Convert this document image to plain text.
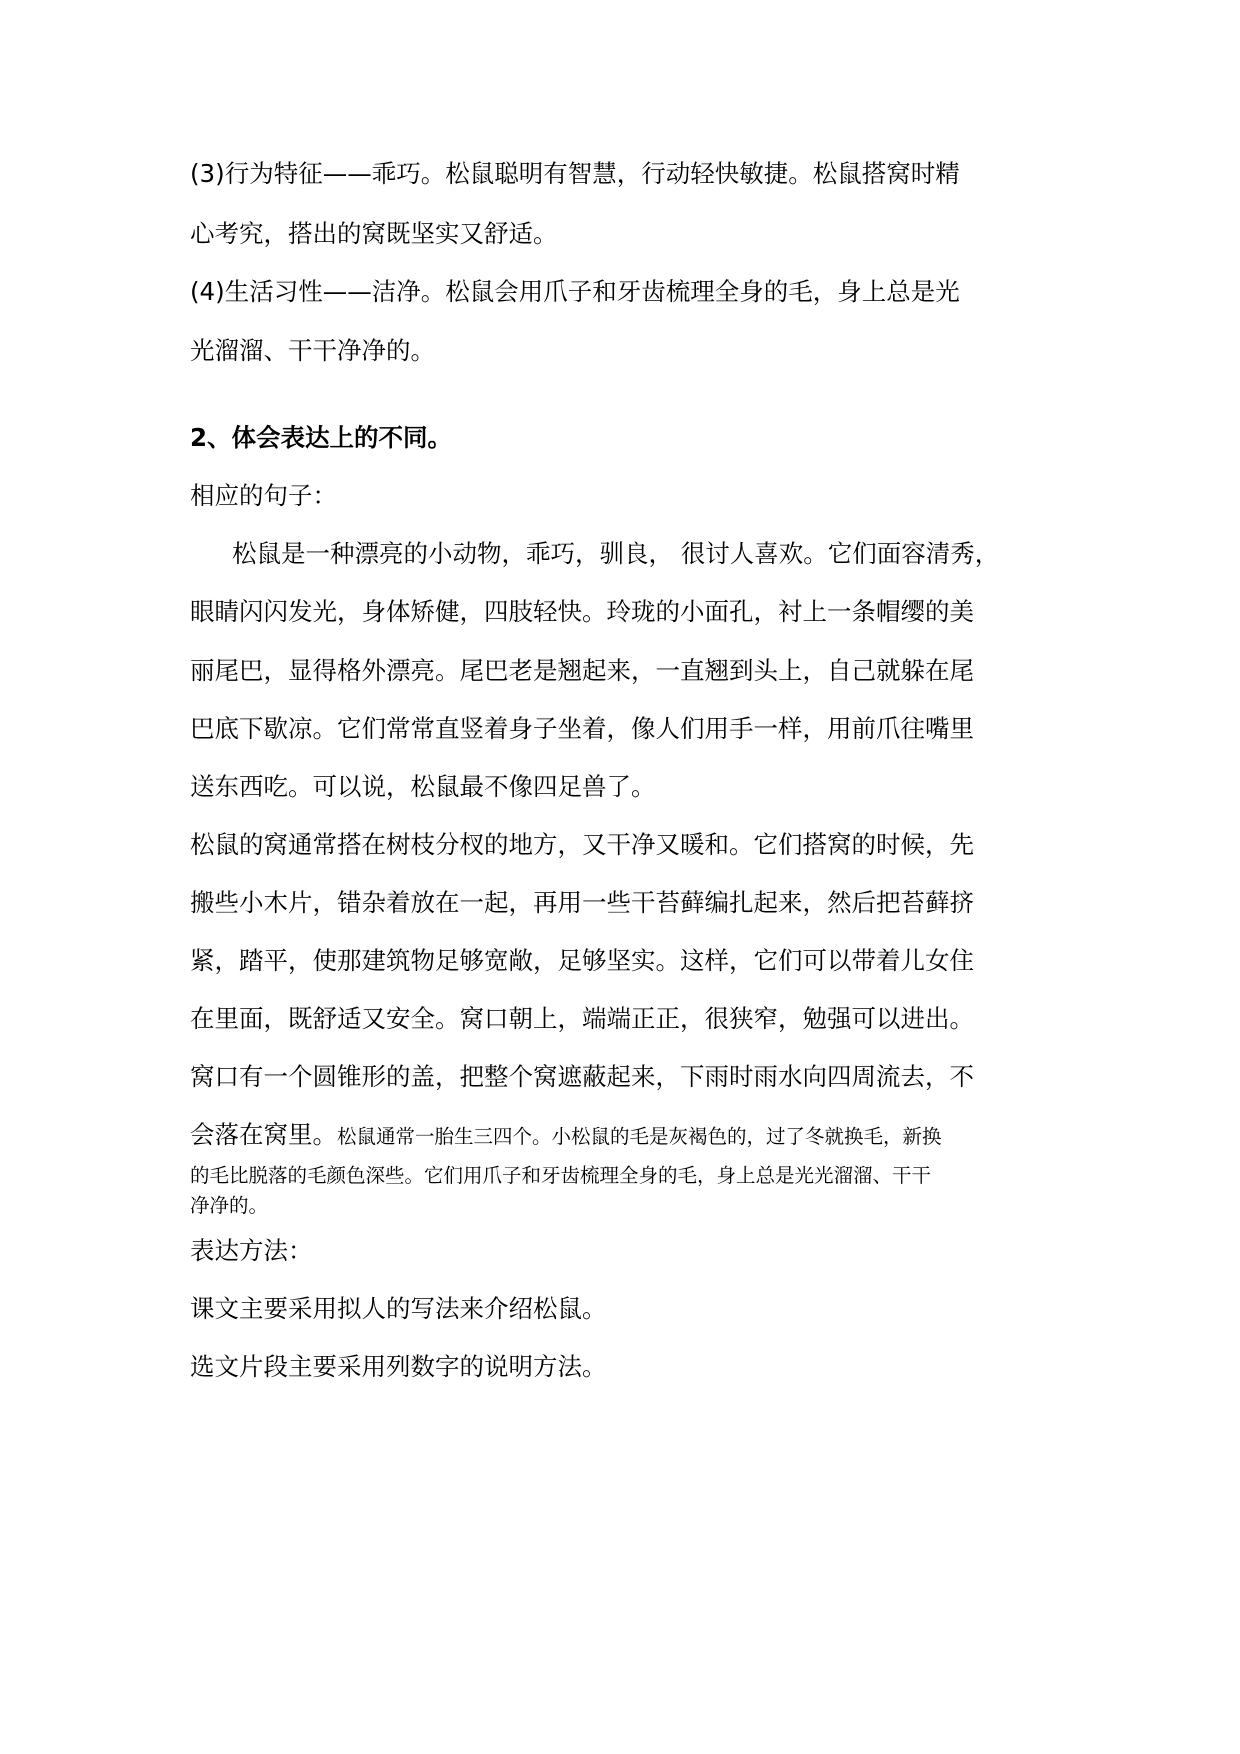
(3)行为特征——乖巧。松鼠聪明有智慧，行动轻快敏捷。松鼠搭窝时精

心考究，搭出的窝既坚实又舒适。

(4)生活习性——洁净。松鼠会用爪子和牙齿梳理全身的毛，身上总是光

光溜溜、干干净净的。

2、体会表达上的不同。

相应的句子：

松鼠是一种漂亮的小动物，乖巧，驯良， 很讨人喜欢。它们面容清秀，

眼睛闪闪发光，身体矫健，四肢轻快。玲珑的小面孔，衬上一条帽缨的美

丽尾巴，显得格外漂亮。尾巴老是翘起来，一直翘到头上，自己就躲在尾

巴底下歇凉。它们常常直竖着身子坐着，像人们用手一样，用前爪往嘴里

送东西吃。可以说，松鼠最不像四足兽了。

松鼠的窝通常搭在树枝分杈的地方，又干净又暖和。它们搭窝的时候，先

搬些小木片，错杂着放在一起，再用一些干苔藓编扎起来，然后把苔藓挤

紧，踏平，使那建筑物足够宽敞，足够坚实。这样，它们可以带着儿女住

在里面，既舒适又安全。窝口朝上，端端正正，很狭窄，勉强可以进出。

窝口有一个圆锥形的盖，把整个窝遮蔽起来，下雨时雨水向四周流去，不

会落在窝里。松鼠通常一胎生三四个。小松鼠的毛是灰褐色的，过了冬就换毛，新换

的毛比脱落的毛颜色深些。它们用爪子和牙齿梳理全身的毛，身上总是光光溜溜、干干

净净的。

表达方法：

课文主要采用拟人的写法来介绍松鼠。

选文片段主要采用列数字的说明方法。
